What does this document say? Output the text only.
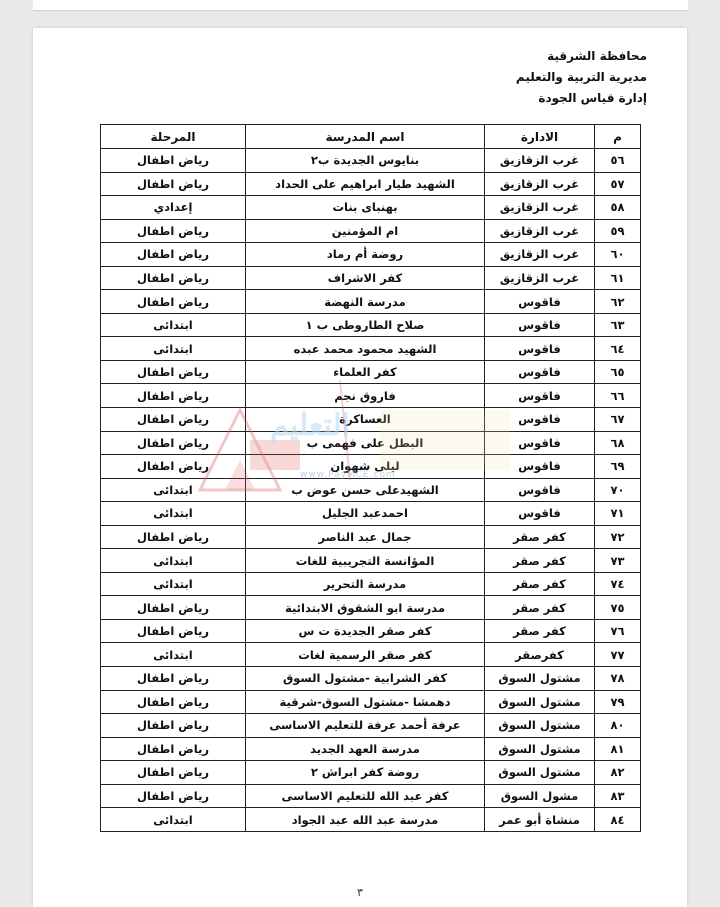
محافظة الشرقية
مديرية التربية والتعليم
إدارة قياس الجودة
م	الادارة	اسم المدرسة	المرحلة
٥٦	غرب الزقازيق	بنايوس الجديدة ب٢	رياض اطفال
٥٧	غرب الزقازيق	الشهيد طيار ابراهيم على الحداد	رياض اطفال
٥٨	غرب الزقازيق	بهنباى بنات	إعدادي
٥٩	غرب الزقازيق	ام المؤمنين	رياض اطفال
٦٠	غرب الزقازيق	روضة أم رماد	رياض اطفال
٦١	غرب الزقازيق	كفر الاشراف	رياض اطفال
٦٢	فاقوس	مدرسة النهضة	رياض اطفال
٦٣	فاقوس	صلاح الطاروطى ب ١	ابتدائى
٦٤	فاقوس	الشهيد محمود محمد عبده	ابتدائى
٦٥	فاقوس	كفر العلماء	رياض اطفال
٦٦	فاقوس	فاروق نجم	رياض اطفال
٦٧	فاقوس	العساكرة	رياض اطفال
٦٨	فاقوس	البطل على فهمى ب	رياض اطفال
٦٩	فاقوس	ليلى شهوان	رياض اطفال
٧٠	فاقوس	الشهيدعلى حسن عوض ب	ابتدائى
٧١	فاقوس	احمدعبد الجليل	ابتدائى
٧٢	كفر صقر	جمال عبد الناصر	رياض اطفال
٧٣	كفر صقر	المؤانسة التجريبية للغات	ابتدائى
٧٤	كفر صقر	مدرسة التحرير	ابتدائى
٧٥	كفر صقر	مدرسة ابو الشقوق الابتدائية	رياض اطفال
٧٦	كفر صقر	كفر صقر الجديدة ت س	رياض اطفال
٧٧	كفرصقر	كفر صقر الرسمية لغات	ابتدائى
٧٨	مشتول السوق	كفر الشرابية -مشتول السوق	رياض اطفال
٧٩	مشتول السوق	دهمشا -مشتول السوق-شرقية	رياض اطفال
٨٠	مشتول السوق	عرفة أحمد عرفة للتعليم الاساسى	رياض اطفال
٨١	مشتول السوق	مدرسة العهد الجديد	رياض اطفال
٨٢	مشتول السوق	روضة كفر ابراش ٢	رياض اطفال
٨٣	مشول السوق	كفر عبد الله للتعليم الاساسى	رياض اطفال
٨٤	منشاة أبو عمر	مدرسة عبد الله عبد الجواد	ابتدائى
٣
التعليم
www.PayMCE.com
